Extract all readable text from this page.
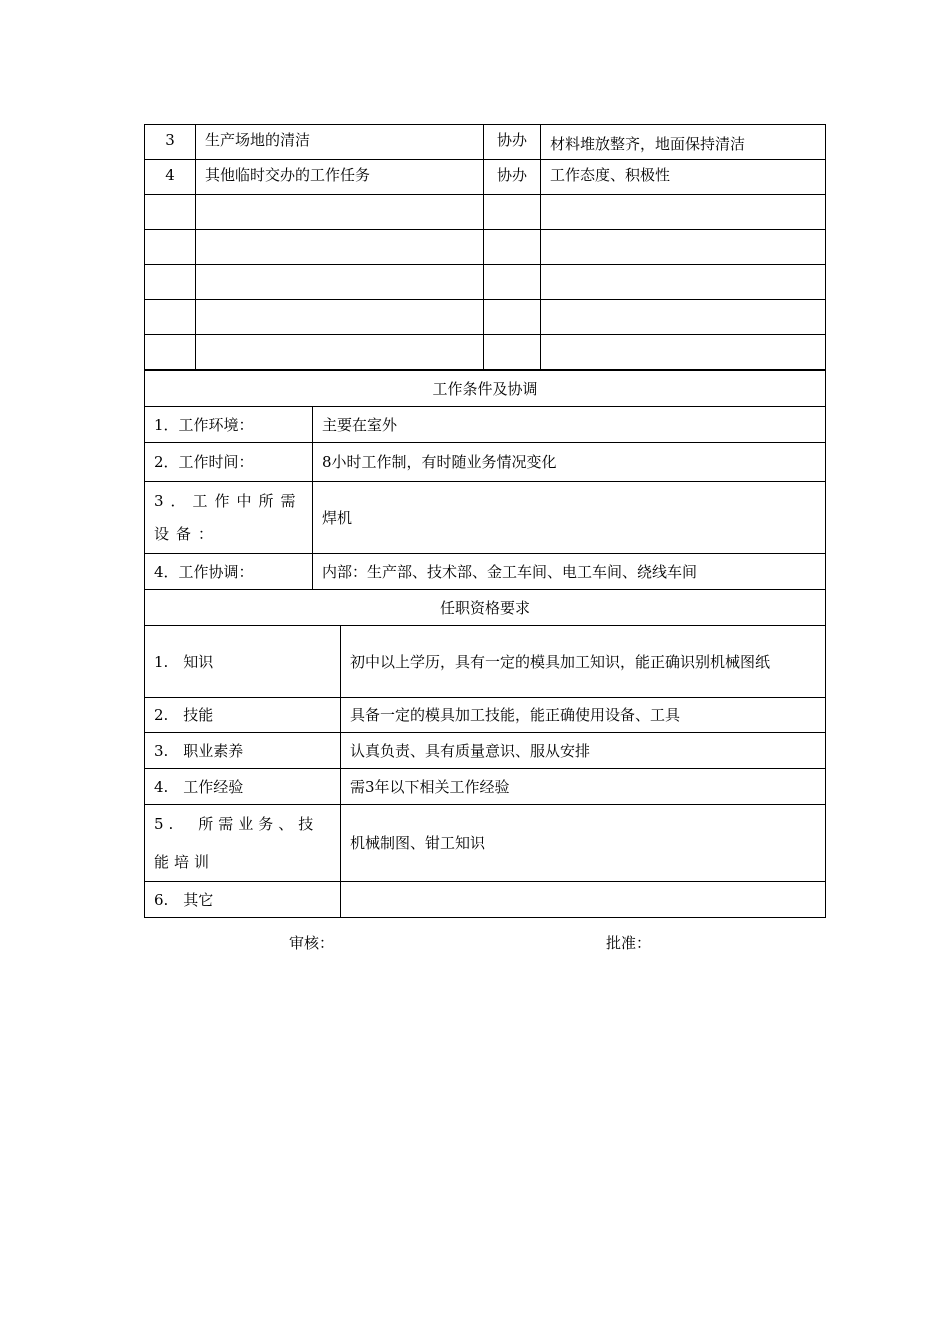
3	生产场地的清洁	协办	材料堆放整齐，地面保持清洁
4	其他临时交办的工作任务	协办	工作态度、积极性

工作条件及协调	
1．工作环境：	主要在室外
2．工作时间：	8小时工作制，有时随业务情况变化
3．工作中所需设备：	焊机
4．工作协调：	内部：生产部、技术部、金工车间、电工车间、绕线车间
任职资格要求	
1.　知识	初中以上学历，具有一定的模具加工知识，能正确识别机械图纸
2.　技能	具备一定的模具加工技能，能正确使用设备、工具
3.　职业素养	认真负责、具有质量意识、服从安排
4.　工作经验	需3年以下相关工作经验
5.　所需业务、技能培训	机械制图、钳工知识
6.　其它	
审核：	批准：
